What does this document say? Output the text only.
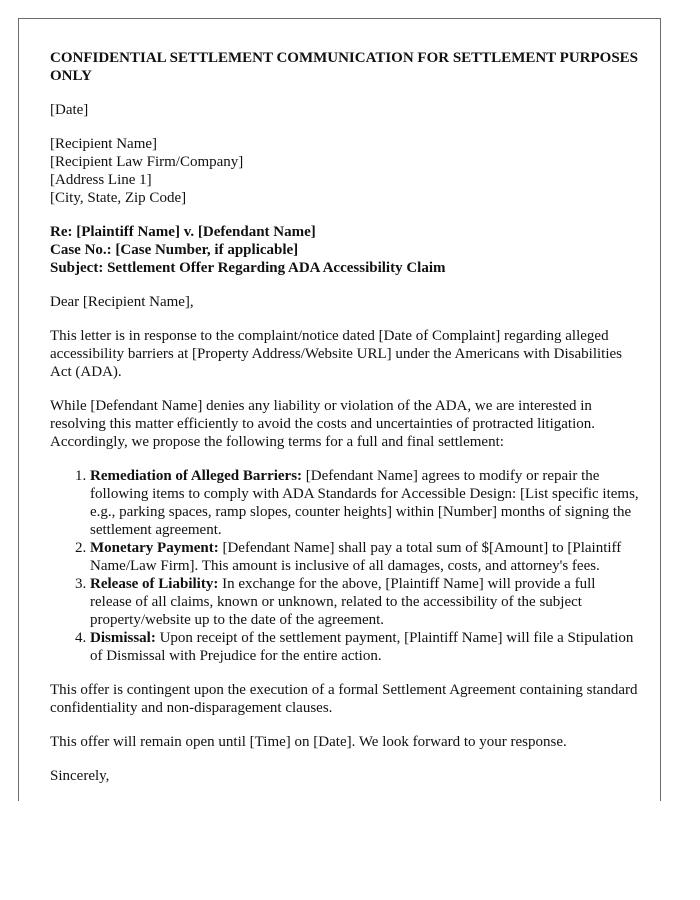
CONFIDENTIAL SETTLEMENT COMMUNICATION FOR SETTLEMENT PURPOSES ONLY

[Date]

[Recipient Name]
[Recipient Law Firm/Company]
[Address Line 1]
[City, State, Zip Code]
Re: [Plaintiff Name] v. [Defendant Name]
Case No.: [Case Number, if applicable]
Subject: Settlement Offer Regarding ADA Accessibility Claim

Dear [Recipient Name],

This letter is in response to the complaint/notice dated [Date of Complaint] regarding alleged accessibility barriers at [Property Address/Website URL] under the Americans with Disabilities Act (ADA).

While [Defendant Name] denies any liability or violation of the ADA, we are interested in resolving this matter efficiently to avoid the costs and uncertainties of protracted litigation. Accordingly, we propose the following terms for a full and final settlement:

1. Remediation of Alleged Barriers: [Defendant Name] agrees to modify or repair the following items to comply with ADA Standards for Accessible Design: [List specific items, e.g., parking spaces, ramp slopes, counter heights] within [Number] months of signing the settlement agreement.
2. Monetary Payment: [Defendant Name] shall pay a total sum of $[Amount] to [Plaintiff Name/Law Firm]. This amount is inclusive of all damages, costs, and attorney's fees.
3. Release of Liability: In exchange for the above, [Plaintiff Name] will provide a full release of all claims, known or unknown, related to the accessibility of the subject property/website up to the date of the agreement.
4. Dismissal: Upon receipt of the settlement payment, [Plaintiff Name] will file a Stipulation of Dismissal with Prejudice for the entire action.

This offer is contingent upon the execution of a formal Settlement Agreement containing standard confidentiality and non-disparagement clauses.

This offer will remain open until [Time] on [Date]. We look forward to your response.

Sincerely,
